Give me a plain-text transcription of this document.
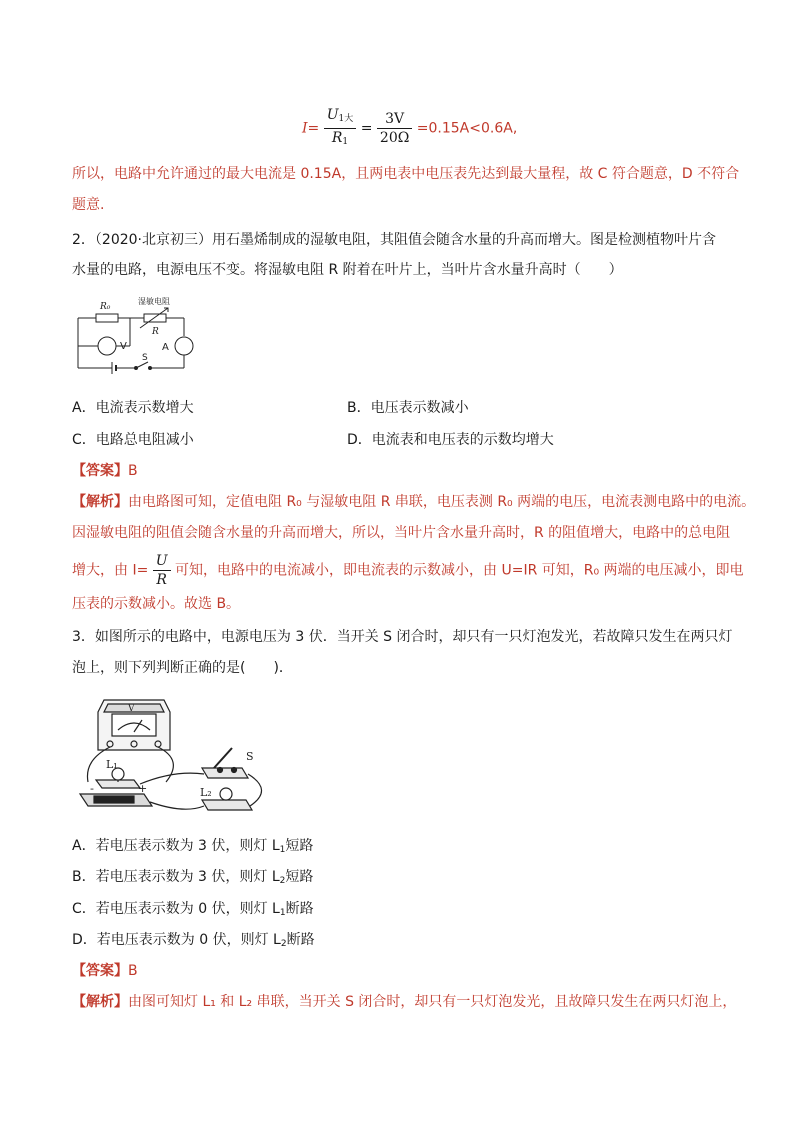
$I= \frac{U_{1大}}{R_1} = \frac{3V}{20\Omega} =0.15A<0.6A$,
所以，电路中允许通过的最大电流是 0.15A，且两电表中电压表先达到最大量程，故 C 符合题意，D 不符合
题意.
2．（2020·北京初三）用石墨烯制成的湿敏电阻，其阻值会随含水量的升高而增大。图是检测植物叶片含
水量的电路，电源电压不变。将湿敏电阻 R 附着在叶片上，当叶片含水量升高时（　　）
R₀
湿敏电阻
R
V	A
S
A．电流表示数增大	B．电压表示数减小
C．电路总电阻减小	D．电流表和电压表的示数均增大
【答案】B
【解析】由电路图可知，定值电阻 R₀ 与湿敏电阻 R 串联，电压表测 R₀ 两端的电压，电流表测电路中的电流。
因湿敏电阻的阻值会随含水量的升高而增大，所以，当叶片含水量升高时，R 的阻值增大，电路中的总电阻
增大，由 $I= \frac{U}{R}$ 可知，电路中的电流减小，即电流表的示数减小，由 U=IR 可知，R₀ 两端的电压减小，即电
压表的示数减小。故选 B。
3．如图所示的电路中，电源电压为 3 伏．当开关 S 闭合时，却只有一只灯泡发光，若故障只发生在两只灯
泡上，则下列判断正确的是(　　)．
V
L₁
L₂
S
-	+
A．若电压表示数为 3 伏，则灯 $L_1$短路
B．若电压表示数为 3 伏，则灯 $L_2$短路
C．若电压表示数为 0 伏，则灯 $L_1$断路
D．若电压表示数为 0 伏，则灯 $L_2$断路
【答案】B
【解析】由图可知灯 L₁ 和 L₂ 串联，当开关 S 闭合时，却只有一只灯泡发光，且故障只发生在两只灯泡上，
